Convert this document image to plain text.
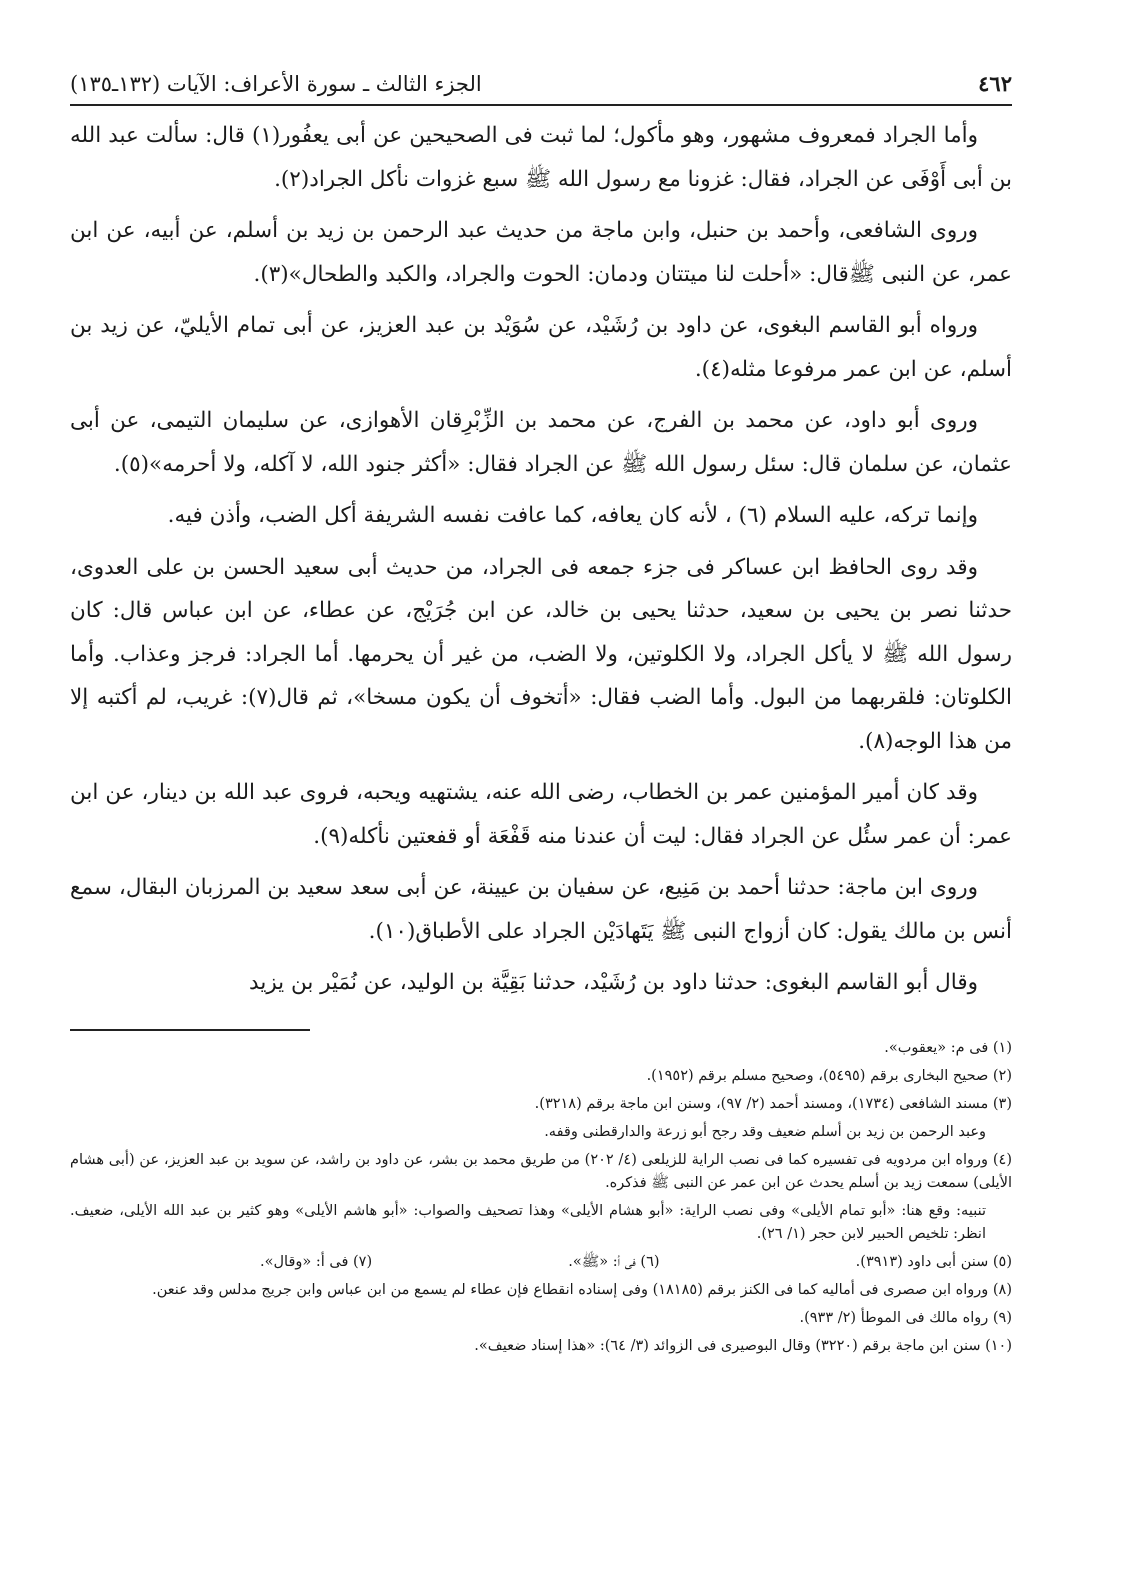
٤٦٢
الجزء الثالث ـ سورة الأعراف: الآيات (١٣٢ـ١٣٥)

وأما الجراد فمعروف مشهور، وهو مأكول؛ لما ثبت فى الصحيحين عن أبى يعفُور(١) قال: سألت عبد الله بن أبى أَوْفَى عن الجراد، فقال: غزونا مع رسول الله ﷺ سبع غزوات نأكل الجراد(٢).

وروى الشافعى، وأحمد بن حنبل، وابن ماجة من حديث عبد الرحمن بن زيد بن أسلم، عن أبيه، عن ابن عمر، عن النبى ﷺقال: «أحلت لنا ميتتان ودمان: الحوت والجراد، والكبد والطحال»(٣).

ورواه أبو القاسم البغوى، عن داود بن رُشَيْد، عن سُوَيْد بن عبد العزيز، عن أبى تمام الأيليّ، عن زيد بن أسلم، عن ابن عمر مرفوعا مثله(٤).

وروى أبو داود، عن محمد بن الفرج، عن محمد بن الزِّبْرِقان الأهوازى، عن سليمان التيمى، عن أبى عثمان، عن سلمان قال: سئل رسول الله ﷺ عن الجراد فقال: «أكثر جنود الله، لا آكله، ولا أحرمه»(٥).

وإنما تركه، عليه السلام (٦) ، لأنه كان يعافه، كما عافت نفسه الشريفة أكل الضب، وأذن فيه.

وقد روى الحافظ ابن عساكر فى جزء جمعه فى الجراد، من حديث أبى سعيد الحسن بن على العدوى، حدثنا نصر بن يحيى بن سعيد، حدثنا يحيى بن خالد، عن ابن جُرَيْج، عن عطاء، عن ابن عباس قال: كان رسول الله ﷺ لا يأكل الجراد، ولا الكلوتين، ولا الضب، من غير أن يحرمها. أما الجراد: فرجز وعذاب. وأما الكلوتان: فلقربهما من البول. وأما الضب فقال: «أتخوف أن يكون مسخا»، ثم قال(٧): غريب، لم أكتبه إلا من هذا الوجه(٨).

وقد كان أمير المؤمنين عمر بن الخطاب، رضى الله عنه، يشتهيه ويحبه، فروى عبد الله بن دينار، عن ابن عمر: أن عمر سئُل عن الجراد فقال: ليت أن عندنا منه قَفْعَة أو قفعتين نأكله(٩).

وروى ابن ماجة: حدثنا أحمد بن مَنِيع، عن سفيان بن عيينة، عن أبى سعد سعيد بن المرزبان البقال، سمع أنس بن مالك يقول: كان أزواج النبى ﷺ يَتَهادَيْن الجراد على الأطباق(١٠).

وقال أبو القاسم البغوى: حدثنا داود بن رُشَيْد، حدثنا بَقِيَّة بن الوليد، عن نُمَيْر بن يزيد

(١) فى م: «يعقوب».

(٢) صحيح البخارى برقم (٥٤٩٥)، وصحيح مسلم برقم (١٩٥٢).

(٣) مسند الشافعى (١٧٣٤)، ومسند أحمد (٢/ ٩٧)، وسنن ابن ماجة برقم (٣٢١٨).

وعبد الرحمن بن زيد بن أسلم ضعيف وقد رجح أبو زرعة والدارقطنى وقفه.

(٤) ورواه ابن مردويه فى تفسيره كما فى نصب الراية للزيلعى (٤/ ٢٠٢) من طريق محمد بن بشر، عن داود بن راشد، عن سويد بن عبد العزيز، عن (أبى هشام الأيلى) سمعت زيد بن أسلم يحدث عن ابن عمر عن النبى ﷺ فذكره.

تنبيه: وقع هنا: «أبو تمام الأيلى» وفى نصب الراية: «أبو هشام الأيلى» وهذا تصحيف والصواب: «أبو هاشم الأيلى» وهو كثير بن عبد الله الأيلى، ضعيف. انظر: تلخيص الحبير لابن حجر (١/ ٢٦).

(٥) سنن أبى داود (٣٩١٣).
(٦) فى أ: «ﷺ».
(٧) فى أ: «وقال».

(٨) ورواه ابن صصرى فى أماليه كما فى الكنز برقم (١٨١٨٥) وفى إسناده انقطاع فإن عطاء لم يسمع من ابن عباس وابن جريج مدلس وقد عنعن.

(٩) رواه مالك فى الموطأ (٢/ ٩٣٣).

(١٠) سنن ابن ماجة برقم (٣٢٢٠) وقال البوصيرى فى الزوائد (٣/ ٦٤): «هذا إسناد ضعيف».
